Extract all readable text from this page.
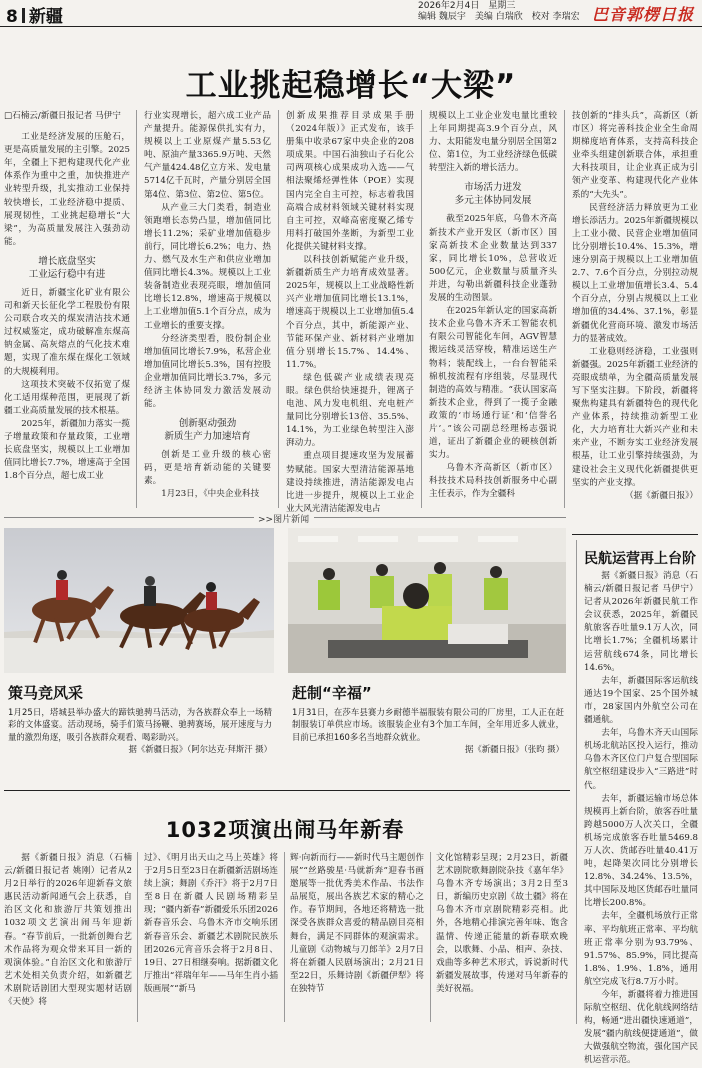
8 新疆
2026年2月4日　星期三
编辑 魏辰宇　美编 白瑞欣　校对 李瑞宏 巴音郭楞日报
工业挑起稳增长“大梁”
□石楠云/新疆日报记者 马伊宁

工业是经济发展的压舱石，更是高质量发展的主引擎。2025年，全疆上下把构建现代化产业体系作为重中之重，加快推进产业转型升级，扎实推动工业保持较快增长，工业经济稳中提质、展现韧性，工业挑起稳增长“大梁”，为高质量发展注入强劲动能。

增长底盘坚实
工业运行稳中有进

近日，新疆宝化矿业有限公司和新天长征化学工程股份有限公司联合攻关的煤炭清洁技术通过权威鉴定，成功破解准东煤高钠金属、高灰熔点的气化技术难题，实现了准东煤在煤化工领域的大规模利用。

这项技术突破不仅拓宽了煤化工适用煤种范围，更展现了新疆工业高质量发展的技术根基。

2025年，新疆加力落实一揽子增量政策和存量政策，工业增长底盘坚实，规模以上工业增加值同比增长7.7%，增速高于全国1.8个百分点，超七成工业

行业实现增长，超六成工业产品产量提升。能源保供扎实有力，规模以上工业原煤产量5.53亿吨、原油产量3365.9万吨、天然气产量424.48亿立方米、发电量5714亿千瓦时，产量分别居全国第4位、第3位、第2位、第5位。

从产业三大门类看，制造业领跑增长态势凸显，增加值同比增长11.2%；采矿业增加值稳步前行，同比增长6.2%；电力、热力、燃气及水生产和供应业增加值同比增长4.3%。规模以上工业装备制造业表现亮眼，增加值同比增长12.8%，增速高于规模以上工业增加值5.1个百分点，成为工业增长的重要支撑。

分经济类型看，股份制企业增加值同比增长7.9%，私营企业增加值同比增长5.3%，国有控股企业增加值同比增长3.7%，多元经济主体协同发力激活发展动能。

创新驱动强劲
新质生产力加速培育

创新是工业升级的核心密码，更是培育新动能的关键要素。

1月23日，《中央企业科技

创新成果推荐目录成果手册（2024年版）》正式发布，该手册集中收录67家中央企业的208项成果。中国石油独山子石化公司两项核心成果成功入选——气相法聚烯烃弹性体（POE）实现国内完全自主可控，标志着我国高端合成材料领域关键材料实现自主可控，双峰高密度聚乙烯专用料打破国外垄断，为新型工业化提供关键材料支撑。

以科技创新赋能产业升级，新疆新质生产力培育成效显著。2025年，规模以上工业战略性新兴产业增加值同比增长13.1%，增速高于规模以上工业增加值5.4个百分点，其中，新能源产业、节能环保产业、新材料产业增加值分别增长15.7%、14.4%、11.7%。

绿色低碳产业成绩表现亮眼。绿色供给快速提升，锂离子电池、风力发电机组、充电桩产量同比分别增长13倍、35.5%、14.1%，为工业绿色转型注入澎湃动力。

重点项目提速攻坚为发展蓄势赋能。国家大型清洁能源基地建设持续推进，清洁能源发电占比进一步提升，规模以上工业企业大风光清洁能源发电占

规模以上工业企业发电量比重较上年同期提高3.9个百分点，风力、太阳能发电量分别居全国第2位、第1位，为工业经济绿色低碳转型注入新的增长活力。

市场活力迸发
多元主体协同发展

截至2025年底，乌鲁木齐高新技术产业开发区（新市区）国家高新技术企业数量达到337家，同比增长10%，总营收近500亿元，企业数量与质量齐头并进，勾勒出新疆科技企业蓬勃发展的生动图景。

在2025年新认定的国家高新技术企业乌鲁木齐禾工智能农机有限公司智能化车间，AGV智慧搬运线灵活穿梭，精准运送生产物料；装配线上，一台台智能采棉机按流程有序组装，尽显现代制造的高效与精准。“获认国家高新技术企业，得到了一揽子金融政策的‘市场通行证’和‘信誉名片’。”该公司副总经理杨志强说道，证出了新疆企业的硬核创新实力。

乌鲁木齐高新区（新市区）科技技术局科技创新服务中心副主任表示，作为全疆科

技创新的“排头兵”，高新区（新市区）将完善科技企业全生命周期梯度培育体系，支持高科技企业牵头组建创新联合体，承担重大科技项目，让企业真正成为引领产业变革、构建现代化产业体系的“大先头”。

民营经济活力释放更为工业增长添活力。2025年新疆规模以上工业小微、民营企业增加值同比分别增长10.4%、15.3%，增速分别高于规模以上工业增加值2.7、7.6个百分点，分别拉动规模以上工业增加值增长3.4、5.4个百分点，分别占规模以上工业增加值的34.4%、37.1%，彰显新疆优化营商环境、激发市场活力的显著成效。

工业稳则经济稳，工业强则新疆强。2025年新疆工业经济的亮眼成绩单，为全疆高质量发展写下坚实注脚。下阶段，新疆将聚焦构建具有新疆特色的现代化产业体系，持续推动新型工业化，大力培育壮大新兴产业和未来产业，不断夯实工业经济发展根基，让工业引擎持续强劲，为建设社会主义现代化新疆提供更坚实的产业支撑。

（据《新疆日报》）
>>图片新闻
策马竞风采
1月25日，塔城县举办盛大的蹄铁驰骋马活动，为各族群众奉上一场精彩的文体盛宴。活动现场，骑手们策马扬鞭、驰骋赛场，展开速度与力量的激烈角逐，吸引各族群众观看、喝彩助兴。
据《新疆日报》（阿尔达克·拜斯汗 摄）
赶制“辛福”
1月31日，在莎车县赛力乡耐德半福服装有限公司的厂房里，工人正在赶制服装订单供应市场。该服装企业有3个加工车间，全年用近多人就业，目前已承担160多名当地群众就业。
据《新疆日报》（张昀 摄）
民航运营再上台阶

据《新疆日报》消息（石楠云/新疆日报记者 马伊宁）记者从2026年新疆民航工作会议获悉，2025年，新疆民航旅客吞吐量9.1万人次，同比增长1.7%；全疆机场累计运营航线674条，同比增长14.6%。

去年，新疆国际客运航线通达19个国家、25个国外城市，28家国内外航空公司在疆通航。

去年，乌鲁木齐天山国际机场北航站区投入运行，推动乌鲁木齐区位门户复合型国际航空枢纽建设步入“三路进”时代。

去年，新疆运输市场总体规模再上新台阶，旅客吞吐量跨越5000万人次关口，全疆机场完成旅客吞吐量5469.8万人次、货邮吞吐量40.41万吨，起降架次同比分别增长12.8%、34.24%、13.5%，其中国际及地区货邮吞吐量同比增长200.8%。

去年，全疆机场放行正常率、平均航班正常率、平均航班正常率分别为93.79%、91.57%、85.9%，同比提高1.8%、1.9%、1.8%，通用航空完成飞行8.7万小时。

今年，新疆将着力推进国际航空枢纽、优化航线网络结构，畅通“进出疆快速通道”，发展“疆内航线便捷通道”，做大做强航空物流，强化国产民机运营示范。

1032项演出闹马年新春

据《新疆日报》消息（石楠云/新疆日报记者 姚刚）记者从2月2日举行的2026年迎新春文旅惠民活动新闻通气会上获悉，自治区文化和旅游厅共策划推出1032项文艺演出闹马年迎新春。“春节前后，一批新创舞台艺术作品将为观众带来耳目一新的观演体验。”自治区文化和旅游厅艺术处相关负责介绍，如新疆艺术剧院话剧团大型现实题材话剧《天使》将

过》、《明月出天山之马上英雄》将于2月5日至23日在新疆新活剧场连续上演；舞剧《乔汗》将于2月7日至8日在新疆人民剧场精彩呈现；“疆内新春”新疆爱乐乐团2026新春音乐会、乌鲁木齐市交响乐团新春音乐会、新疆艺术剧院民族乐团2026元宵音乐会将于2月8日、19日、27日相继奏响。据新疆文化厅推出“祥瑞年年——马年生肖小插版画展”“新马

辉·向新而行——新时代马主题创作展”“丝路骏星·马就新奔”迎春书画邀展等一批优秀美术作品、书法作品展览，展出各族艺术家的精心之作。春节期间，各地还将精选一批深受各族群众喜爱的精品剧目亮相舞台，满足不同群体的观演需求。儿童剧《动物城与刀郎羊》2月7日将在新疆人民剧场演出；2月21日至22日，乐舞诗剧《新疆伊犁》将在独特节

文化馆精彩呈现；2月23日，新疆艺术剧院歌舞剧院杂技《嘉年华》乌鲁木齐专场演出；3月2日至3日，新编历史京剧《故土疆》将在乌鲁木齐市京剧院精彩亮相。此外，各地精心排演完善年味、饱含温情、传递正能量的新春联欢晚会，以歌舞、小品、相声、杂技、戏曲等多种艺术形式，诉说新时代新疆发展故事，传递对马年新春的美好祝福。
